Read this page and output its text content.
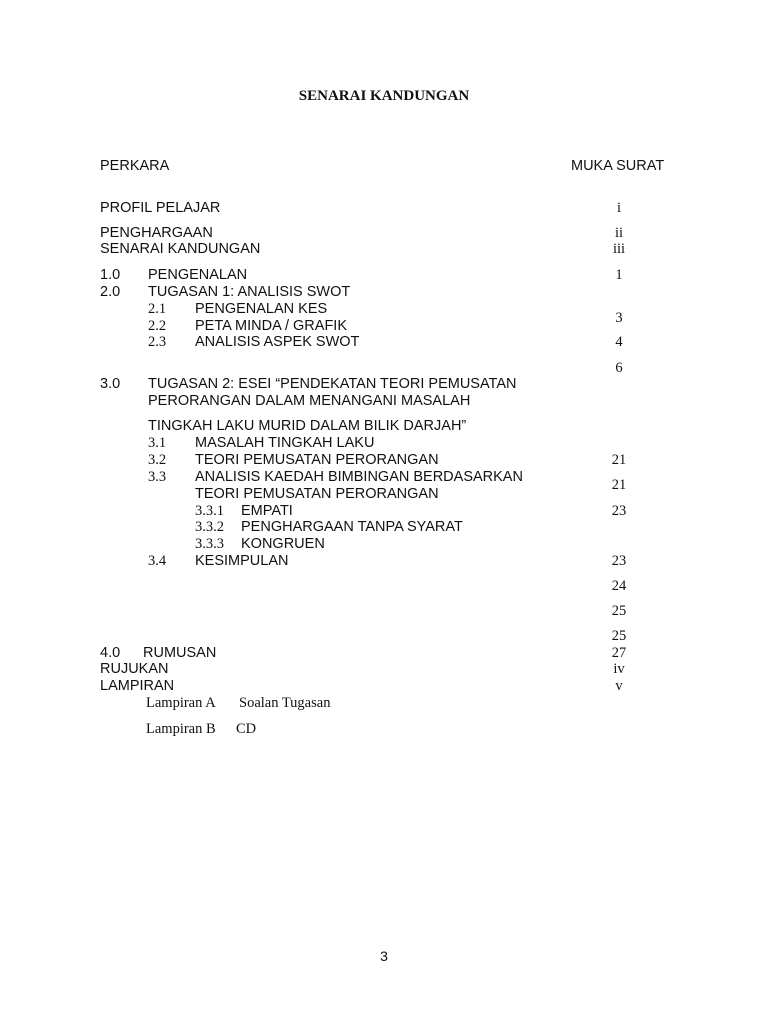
SENARAI KANDUNGAN
PERKARA	MUKA SURAT
PROFIL PELAJAR
PENGHARGAAN
SENARAI KANDUNGAN
1.0 PENGENALAN
2.0 TUGASAN 1: ANALISIS SWOT
2.1 PENGENALAN KES
2.2 PETA MINDA / GRAFIK
2.3 ANALISIS ASPEK SWOT
3.0 TUGASAN 2: ESEI “PENDEKATAN TEORI PEMUSATAN
PERORANGAN DALAM MENANGANI MASALAH
TINGKAH LAKU MURID DALAM BILIK DARJAH”
3.1 MASALAH TINGKAH LAKU
3.2 TEORI PEMUSATAN PERORANGAN
3.3 ANALISIS KAEDAH BIMBINGAN BERDASARKAN
TEORI PEMUSATAN PERORANGAN
3.3.1 EMPATI
3.3.2 PENGHARGAAN TANPA SYARAT
3.3.3 KONGRUEN
3.4 KESIMPULAN
4.0 RUMUSAN
RUJUKAN
LAMPIRAN
Lampiran A Soalan Tugasan
Lampiran B CD
i
ii
iii
1
3
4
6
21
21
23
23
24
25
25
27
iv
v
3
